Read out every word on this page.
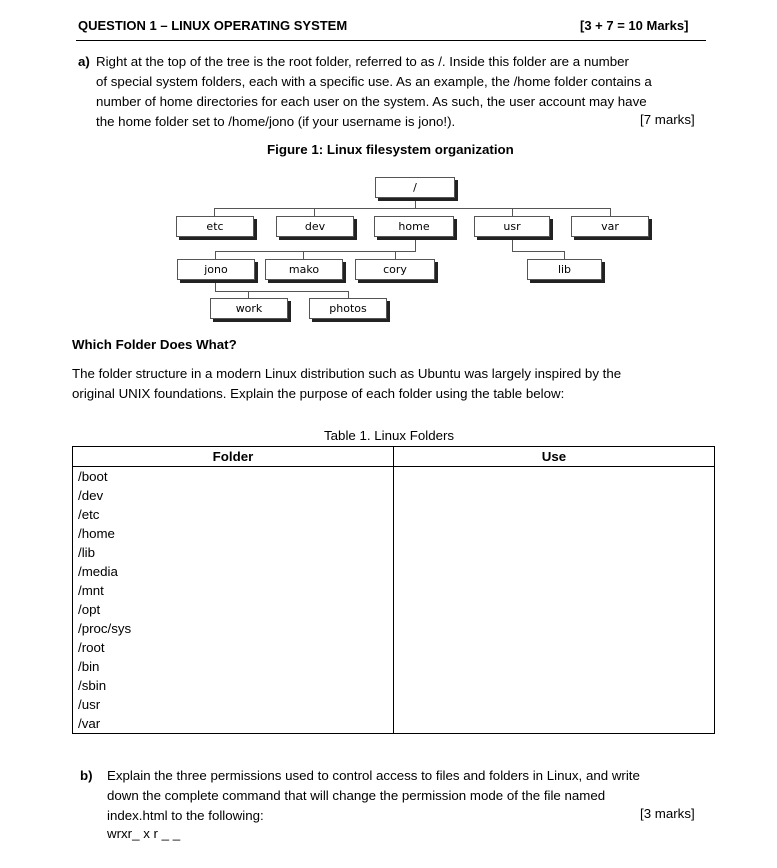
QUESTION 1 – LINUX OPERATING SYSTEM	[3 + 7 = 10 Marks]
a) Right at the top of the tree is the root folder, referred to as /. Inside this folder are a number
of special system folders, each with a specific use. As an example, the /home folder contains a
number of home directories for each user on the system. As such, the user account may have
the home folder set to /home/jono (if your username is jono!).	[7 marks]
Figure 1: Linux filesystem organization
/
etc	dev	home	usr	var
jono	mako	cory	lib
work	photos
Which Folder Does What?
The folder structure in a modern Linux distribution such as Ubuntu was largely inspired by the
original UNIX foundations. Explain the purpose of each folder using the table below:
Table 1. Linux Folders
Folder	Use
/boot	
/dev	
/etc	
/home	
/lib	
/media	
/mnt	
/opt	
/proc/sys	
/root	
/bin	
/sbin	
/usr	
/var	
b) Explain the three permissions used to control access to files and folders in Linux, and write
down the complete command that will change the permission mode of the file named
index.html to the following:	[3 marks]
wrxr_ x r _ _
